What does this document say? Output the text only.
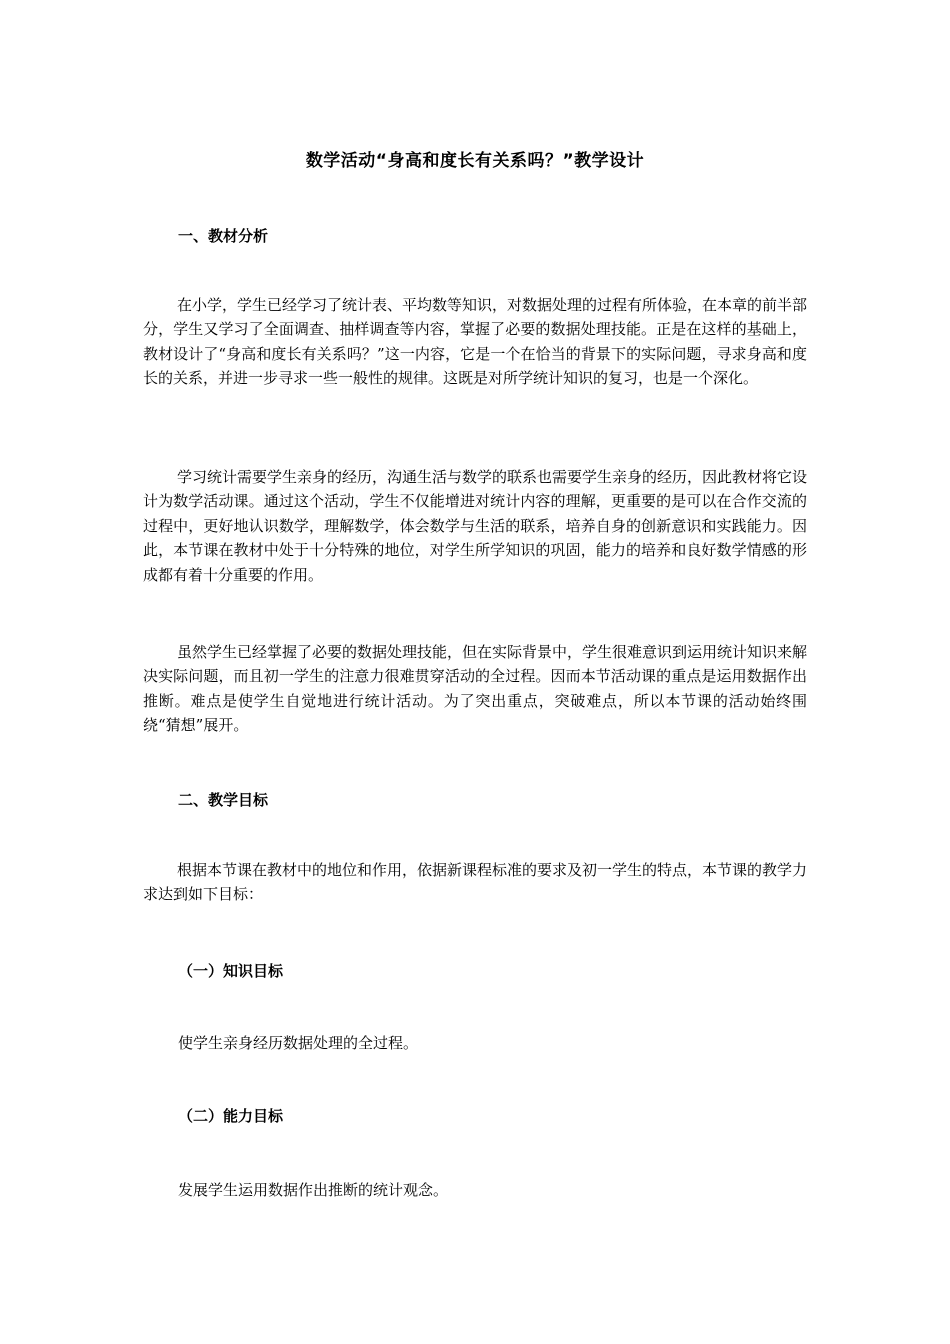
数学活动“身高和度长有关系吗？”教学设计
一、教材分析

在小学，学生已经学习了统计表、平均数等知识，对数据处理的过程有所体验，在本章的前半部分，学生又学习了全面调查、抽样调查等内容，掌握了必要的数据处理技能。正是在这样的基础上，教材设计了“身高和度长有关系吗？”这一内容，它是一个在恰当的背景下的实际问题，寻求身高和度长的关系，并进一步寻求一些一般性的规律。这既是对所学统计知识的复习，也是一个深化。

学习统计需要学生亲身的经历，沟通生活与数学的联系也需要学生亲身的经历，因此教材将它设计为数学活动课。通过这个活动，学生不仅能增进对统计内容的理解，更重要的是可以在合作交流的过程中，更好地认识数学，理解数学，体会数学与生活的联系，培养自身的创新意识和实践能力。因此，本节课在教材中处于十分特殊的地位，对学生所学知识的巩固，能力的培养和良好数学情感的形成都有着十分重要的作用。

虽然学生已经掌握了必要的数据处理技能，但在实际背景中，学生很难意识到运用统计知识来解决实际问题，而且初一学生的注意力很难贯穿活动的全过程。因而本节活动课的重点是运用数据作出推断。难点是使学生自觉地进行统计活动。为了突出重点，突破难点，所以本节课的活动始终围绕“猜想”展开。

二、教学目标

根据本节课在教材中的地位和作用，依据新课程标准的要求及初一学生的特点，本节课的教学力求达到如下目标：

（一）知识目标
使学生亲身经历数据处理的全过程。
（二）能力目标
发展学生运用数据作出推断的统计观念。
